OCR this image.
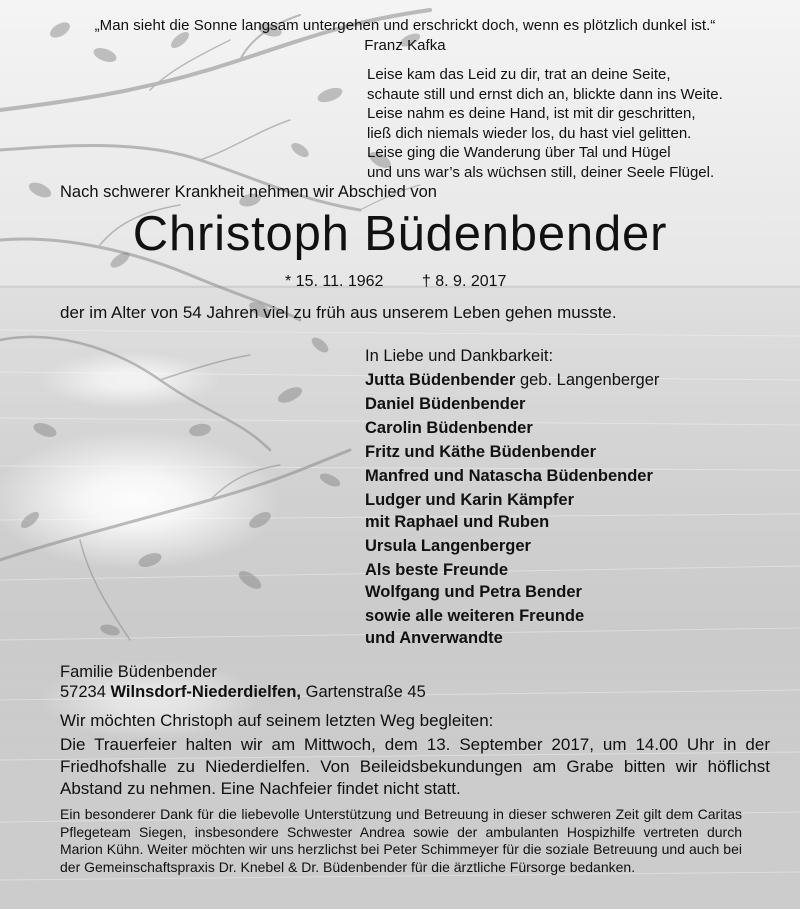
„Man sieht die Sonne langsam untergehen und erschrickt doch, wenn es plötzlich dunkel ist.“
Franz Kafka
Leise kam das Leid zu dir, trat an deine Seite,
schaute still und ernst dich an, blickte dann ins Weite.
Leise nahm es deine Hand, ist mit dir geschritten,
ließ dich niemals wieder los, du hast viel gelitten.
Leise ging die Wanderung über Tal und Hügel
und uns war’s als wüchsen still, deiner Seele Flügel.
Nach schwerer Krankheit nehmen wir Abschied von
Christoph Büdenbender
* 15. 11. 1962 † 8. 9. 2017
der im Alter von 54 Jahren viel zu früh aus unserem Leben gehen musste.
In Liebe und Dankbarkeit:
Jutta Büdenbender geb. Langenberger
Daniel Büdenbender
Carolin Büdenbender
Fritz und Käthe Büdenbender
Manfred und Natascha Büdenbender
Ludger und Karin Kämpfer
mit Raphael und Ruben
Ursula Langenberger
Als beste Freunde
Wolfgang und Petra Bender
sowie alle weiteren Freunde
und Anverwandte
Familie Büdenbender
57234 Wilnsdorf-Niederdielfen, Gartenstraße 45
Wir möchten Christoph auf seinem letzten Weg begleiten:
Die Trauerfeier halten wir am Mittwoch, dem 13. September 2017, um 14.00 Uhr in der Friedhofshalle zu Niederdielfen. Von Beileidsbekundungen am Grabe bitten wir höflichst Abstand zu nehmen. Eine Nachfeier findet nicht statt.
Ein besonderer Dank für die liebevolle Unterstützung und Betreuung in dieser schweren Zeit gilt dem Caritas Pflegeteam Siegen, insbesondere Schwester Andrea sowie der ambulanten Hospizhilfe vertreten durch Marion Kühn. Weiter möchten wir uns herzlichst bei Peter Schimmeyer für die soziale Betreuung und auch bei der Gemeinschaftspraxis Dr. Knebel & Dr. Büdenbender für die ärztliche Fürsorge bedanken.
